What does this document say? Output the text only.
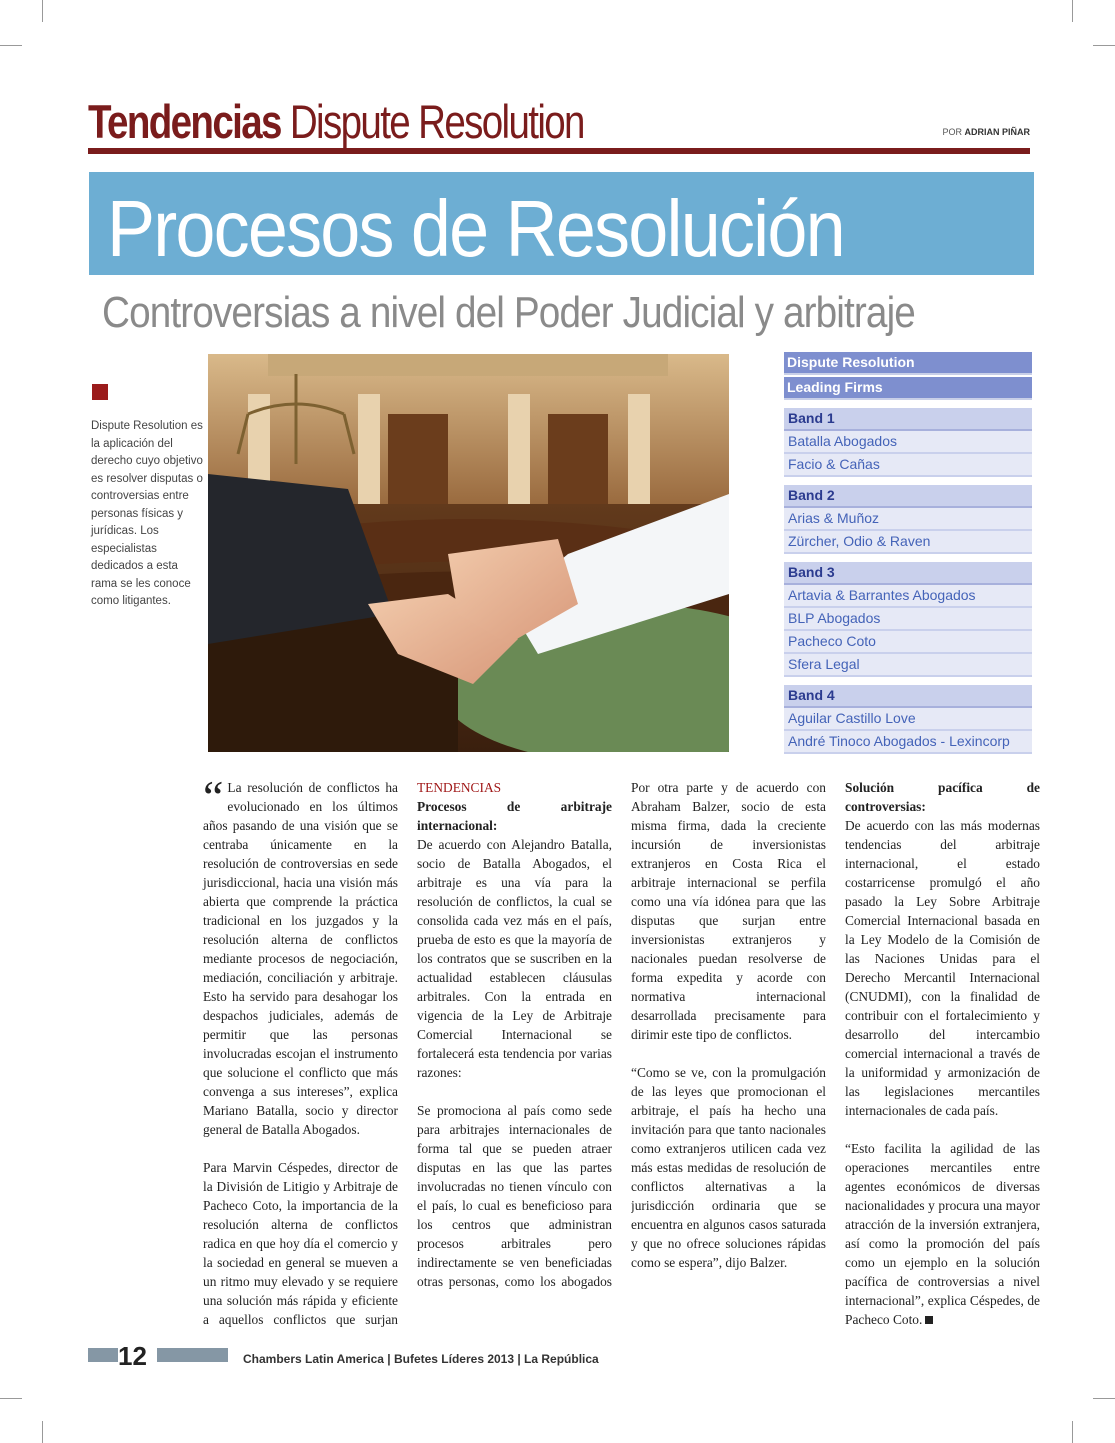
Tendencias Dispute Resolution	POR ADRIAN PIÑAR
Procesos de Resolución
Controversias a nivel del Poder Judicial y arbitraje
Dispute Resolution es la aplicación del derecho cuyo objetivo es resolver disputas o controversias entre personas físicas y jurídicas. Los especialistas dedicados a esta rama se les conoce como litigantes.
Dispute Resolution
Leading Firms
Band 1
Batalla Abogados
Facio & Cañas
Band 2
Arias & Muñoz
Zürcher, Odio & Raven
Band 3
Artavia & Barrantes Abogados
BLP Abogados
Pacheco Coto
Sfera Legal
Band 4
Aguilar Castillo Love
André Tinoco Abogados - Lexincorp

“ La resolución de conflictos ha evolucionado en los últimos años pasando de una visión que se centraba únicamente en la resolución de controversias en sede jurisdiccional, hacia una visión más abierta que comprende la práctica tradicional en los juzgados y la resolución alterna de conflictos mediante procesos de negociación, mediación, conciliación y arbitraje. Esto ha servido para desahogar los despachos judiciales, además de permitir que las personas involucradas escojan el instrumento que solucione el conflicto que más convenga a sus intereses”, explica Mariano Batalla, socio y director general de Batalla Abogados.

Para Marvin Céspedes, director de la División de Litigio y Arbitraje de Pacheco Coto, la importancia de la resolución alterna de conflictos radica en que hoy día el comercio y la sociedad en general se mueven a un ritmo muy elevado y se requiere una solución más rápida y eficiente a aquellos conflictos que surjan

TENDENCIAS
Procesos de arbitraje internacional:

De acuerdo con Alejandro Batalla, socio de Batalla Abogados, el arbitraje es una vía para la resolución de conflictos, la cual se consolida cada vez más en el país, prueba de esto es que la mayoría de los contratos que se suscriben en la actualidad establecen cláusulas arbitrales. Con la entrada en vigencia de la Ley de Arbitraje Comercial Internacional se fortalecerá esta tendencia por varias razones:

Se promociona al país como sede para arbitrajes internacionales de forma tal que se pueden atraer disputas en las que las partes involucradas no tienen vínculo con el país, lo cual es beneficioso para los centros que administran procesos arbitrales pero indirectamente se ven beneficiadas otras personas, como los abogados

Por otra parte y de acuerdo con Abraham Balzer, socio de esta misma firma, dada la creciente incursión de inversionistas extranjeros en Costa Rica el arbitraje internacional se perfila como una vía idónea para que las disputas que surjan entre inversionistas extranjeros y nacionales puedan resolverse de forma expedita y acorde con normativa internacional desarrollada precisamente para dirimir este tipo de conflictos.

“Como se ve, con la promulgación de las leyes que promocionan el arbitraje, el país ha hecho una invitación para que tanto nacionales como extranjeros utilicen cada vez más estas medidas de resolución de conflictos alternativas a la jurisdicción ordinaria que se encuentra en algunos casos saturada y que no ofrece soluciones rápidas como se espera”, dijo Balzer.

Solución pacífica de controversias:

De acuerdo con las más modernas tendencias del arbitraje internacional, el estado costarricense promulgó el año pasado la Ley Sobre Arbitraje Comercial Internacional basada en la Ley Modelo de la Comisión de las Naciones Unidas para el Derecho Mercantil Internacional (CNUDMI), con la finalidad de contribuir con el fortalecimiento y desarrollo del intercambio comercial internacional a través de la uniformidad y armonización de las legislaciones mercantiles internacionales de cada país.

“Esto facilita la agilidad de las operaciones mercantiles entre agentes económicos de diversas nacionalidades y procura una mayor atracción de la inversión extranjera, así como la promoción del país como un ejemplo en la solución pacífica de controversias a nivel internacional”, explica Céspedes, de Pacheco Coto.

12	Chambers Latin America | Bufetes Líderes 2013 | La República
